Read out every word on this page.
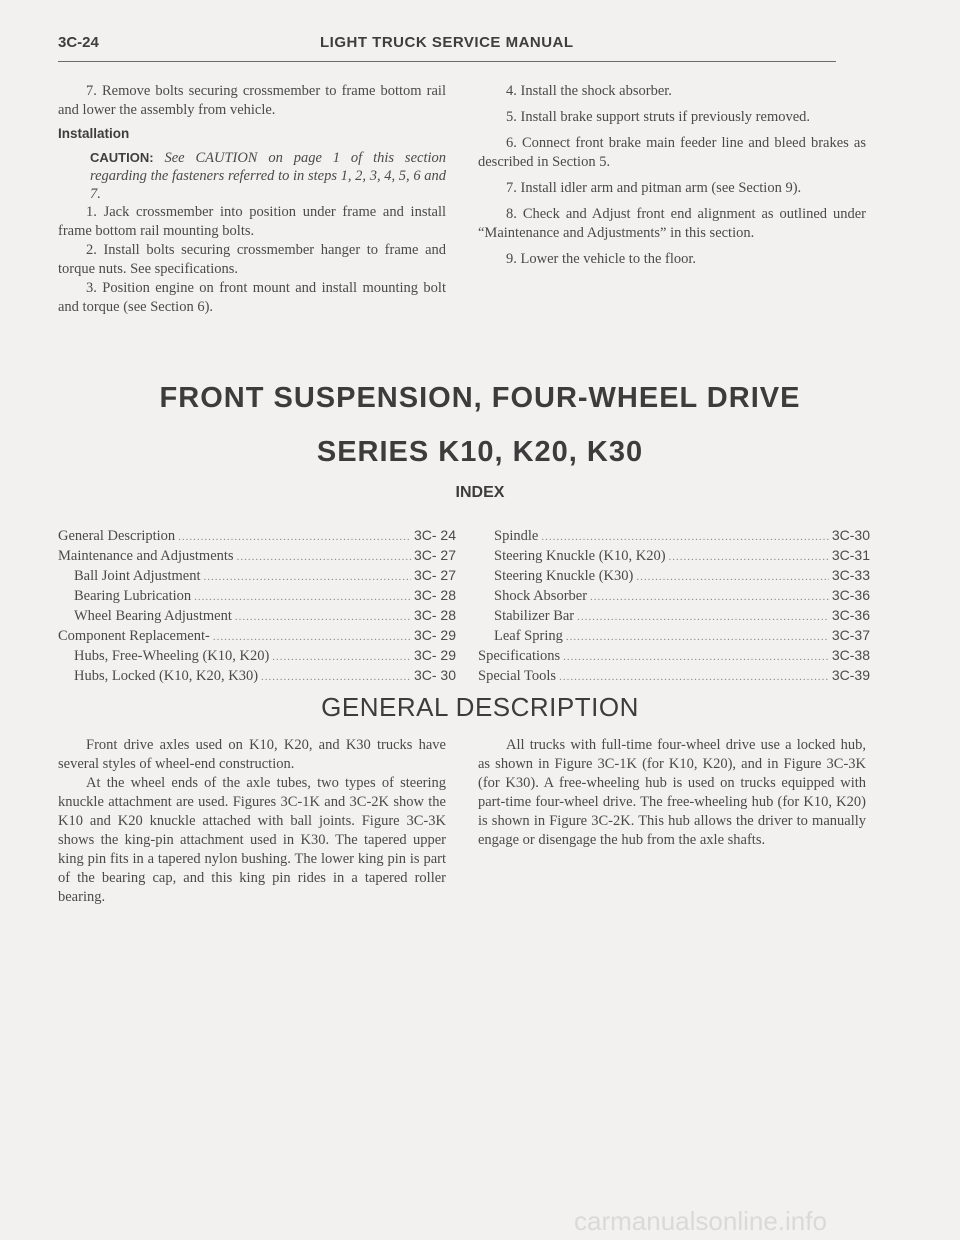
3C-24	LIGHT TRUCK SERVICE MANUAL

7. Remove bolts securing crossmember to frame bottom rail and lower the assembly from vehicle.

Installation

CAUTION: See CAUTION on page 1 of this section regarding the fasteners referred to in steps 1, 2, 3, 4, 5, 6 and 7.

1. Jack crossmember into position under frame and install frame bottom rail mounting bolts.

2. Install bolts securing crossmember hanger to frame and torque nuts. See specifications.

3. Position engine on front mount and install mounting bolt and torque (see Section 6).

4. Install the shock absorber.

5. Install brake support struts if previously removed.

6. Connect front brake main feeder line and bleed brakes as described in Section 5.

7. Install idler arm and pitman arm (see Section 9).

8. Check and Adjust front end alignment as outlined under “Maintenance and Adjustments” in this section.

9. Lower the vehicle to the floor.

FRONT SUSPENSION, FOUR-WHEEL DRIVE
SERIES K10, K20, K30
INDEX
General Description .....	3C- 24
Maintenance and Adjustments .....	3C- 27
Ball Joint Adjustment .....	3C- 27
Bearing Lubrication .....	3C- 28
Wheel Bearing Adjustment .....	3C- 28
Component Replacement- .....	3C- 29
Hubs, Free-Wheeling (K10, K20) .....	3C- 29
Hubs, Locked (K10, K20, K30) .....	3C- 30
Spindle .....	3C-30
Steering Knuckle (K10, K20) .....	3C-31
Steering Knuckle (K30) .....	3C-33
Shock Absorber .....	3C-36
Stabilizer Bar .....	3C-36
Leaf Spring .....	3C-37
Specifications .....	3C-38
Special Tools .....	3C-39
GENERAL DESCRIPTION

Front drive axles used on K10, K20, and K30 trucks have several styles of wheel-end construction.

At the wheel ends of the axle tubes, two types of steering knuckle attachment are used. Figures 3C-1K and 3C-2K show the K10 and K20 knuckle attached with ball joints. Figure 3C-3K shows the king-pin attachment used in K30. The tapered upper king pin fits in a tapered nylon bushing. The lower king pin is part of the bearing cap, and this king pin rides in a tapered roller bearing.

All trucks with full-time four-wheel drive use a locked hub, as shown in Figure 3C-1K (for K10, K20), and in Figure 3C-3K (for K30). A free-wheeling hub is used on trucks equipped with part-time four-wheel drive. The free-wheeling hub (for K10, K20) is shown in Figure 3C-2K. This hub allows the driver to manually engage or disengage the hub from the axle shafts.

carmanualsonline.info
